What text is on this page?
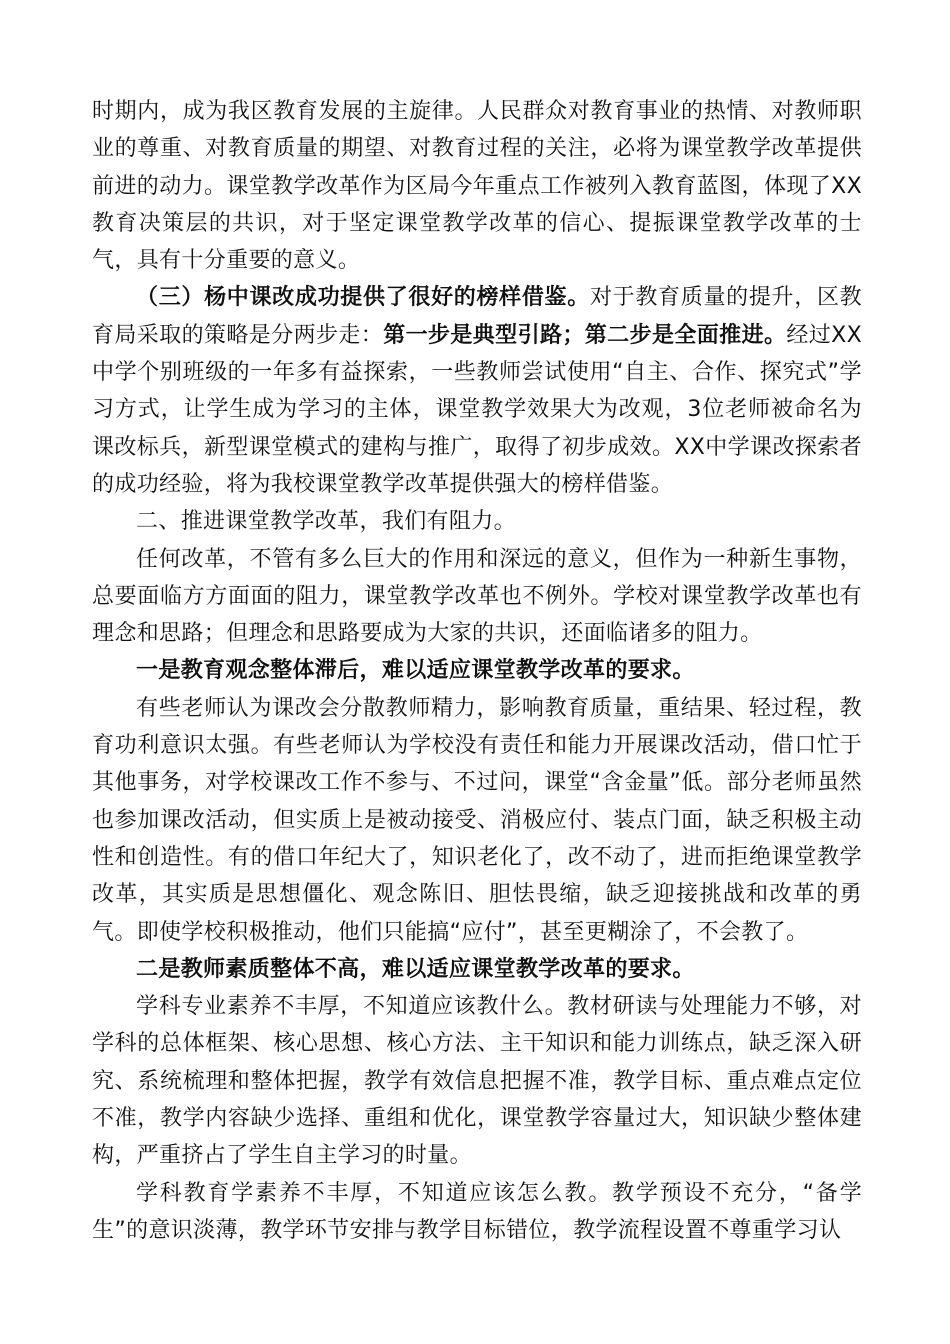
时期内，成为我区教育发展的主旋律。人民群众对教育事业的热情、对教师职业的尊重、对教育质量的期望、对教育过程的关注，必将为课堂教学改革提供前进的动力。课堂教学改革作为区局今年重点工作被列入教育蓝图，体现了XX教育决策层的共识，对于坚定课堂教学改革的信心、提振课堂教学改革的士气，具有十分重要的意义。

（三）杨中课改成功提供了很好的榜样借鉴。对于教育质量的提升，区教育局采取的策略是分两步走：第一步是典型引路；第二步是全面推进。经过XX中学个别班级的一年多有益探索，一些教师尝试使用“自主、合作、探究式”学习方式，让学生成为学习的主体，课堂教学效果大为改观，3位老师被命名为课改标兵，新型课堂模式的建构与推广，取得了初步成效。XX中学课改探索者的成功经验，将为我校课堂教学改革提供强大的榜样借鉴。

二、推进课堂教学改革，我们有阻力。

任何改革，不管有多么巨大的作用和深远的意义，但作为一种新生事物，总要面临方方面面的阻力，课堂教学改革也不例外。学校对课堂教学改革也有理念和思路；但理念和思路要成为大家的共识，还面临诸多的阻力。

一是教育观念整体滞后，难以适应课堂教学改革的要求。

有些老师认为课改会分散教师精力，影响教育质量，重结果、轻过程，教育功利意识太强。有些老师认为学校没有责任和能力开展课改活动，借口忙于其他事务，对学校课改工作不参与、不过问，课堂“含金量”低。部分老师虽然也参加课改活动，但实质上是被动接受、消极应付、装点门面，缺乏积极主动性和创造性。有的借口年纪大了，知识老化了，改不动了，进而拒绝课堂教学改革，其实质是思想僵化、观念陈旧、胆怯畏缩，缺乏迎接挑战和改革的勇气。即使学校积极推动，他们只能搞“应付”，甚至更糊涂了，不会教了。

二是教师素质整体不高，难以适应课堂教学改革的要求。

学科专业素养不丰厚，不知道应该教什么。教材研读与处理能力不够，对学科的总体框架、核心思想、核心方法、主干知识和能力训练点，缺乏深入研究、系统梳理和整体把握，教学有效信息把握不准，教学目标、重点难点定位不准，教学内容缺少选择、重组和优化，课堂教学容量过大，知识缺少整体建构，严重挤占了学生自主学习的时量。

学科教育学素养不丰厚，不知道应该怎么教。教学预设不充分，“备学生”的意识淡薄，教学环节安排与教学目标错位，教学流程设置不尊重学习认
